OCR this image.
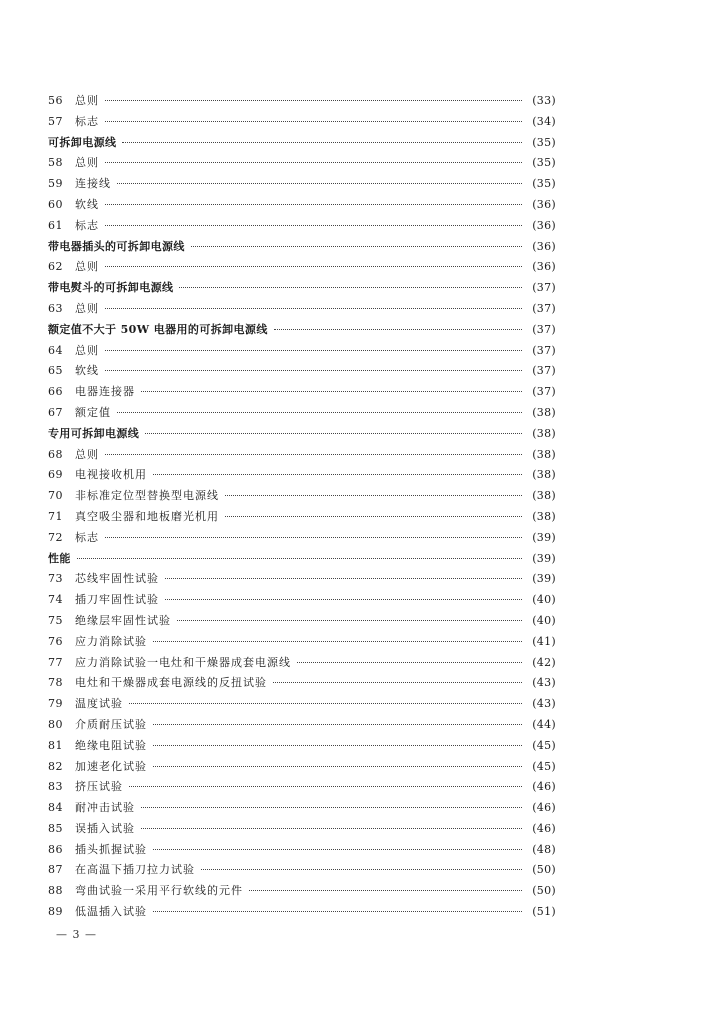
56	总则	(33)
57	标志	(34)
可拆卸电源线	(35)
58	总则	(35)
59	连接线	(35)
60	软线	(36)
61	标志	(36)
带电器插头的可拆卸电源线	(36)
62	总则	(36)
带电熨斗的可拆卸电源线	(37)
63	总则	(37)
额定值不大于 50W 电器用的可拆卸电源线	(37)
64	总则	(37)
65	软线	(37)
66	电器连接器	(37)
67	额定值	(38)
专用可拆卸电源线	(38)
68	总则	(38)
69	电视接收机用	(38)
70	非标准定位型替换型电源线	(38)
71	真空吸尘器和地板磨光机用	(38)
72	标志	(39)
性能	(39)
73	芯线牢固性试验	(39)
74	插刀牢固性试验	(40)
75	绝缘层牢固性试验	(40)
76	应力消除试验	(41)
77	应力消除试验一电灶和干燥器成套电源线	(42)
78	电灶和干燥器成套电源线的反扭试验	(43)
79	温度试验	(43)
80	介质耐压试验	(44)
81	绝缘电阻试验	(45)
82	加速老化试验	(45)
83	挤压试验	(46)
84	耐冲击试验	(46)
85	误插入试验	(46)
86	插头抓握试验	(48)
87	在高温下插刀拉力试验	(50)
88	弯曲试验一采用平行软线的元件	(50)
89	低温插入试验	(51)
— 3 —
